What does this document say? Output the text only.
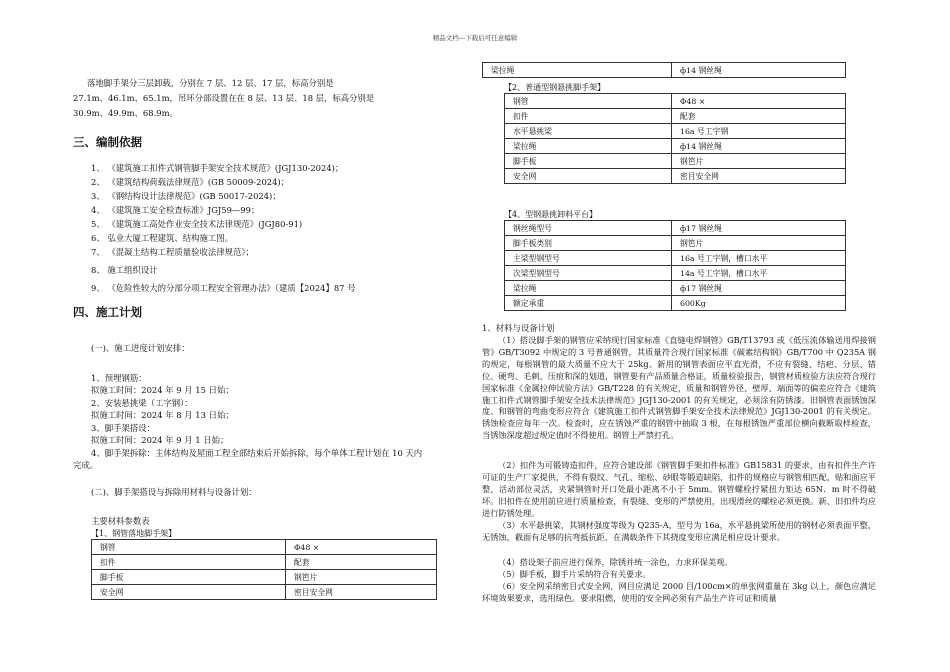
精品文档---下载后可任意编辑
落地脚手架分三层卸载，分别在 7 层、12 层、17 层，标高分别是
27.1m、46.1m、65.1m，吊环分部设置在在 8 层、13 层、18 层，标高分别是
30.9m、49.9m、68.9m。
三、编制依据
1、 《建筑施工扣件式钢管脚手架安全技术规范》(JGJ130-2024)；
2、 《建筑结构荷载法律规范》(GB 50009-2024)；
3、 《钢结构设计法律规范》(GB 50017-2024)；
4、 《建筑施工安全检查标准》JGJ59—99；
5、 《建筑施工高处作业安全技术法律规范》(JGJ80-91)
6、 弘业大厦工程建筑、结构施工图。
7、 《混凝土结构工程质量验收法律规范》；
8、 施工组织设计
9、 《危险性较大的分部分项工程安全管理办法》（建质【2024】87 号
四、施工计划
(一)、施工进度计划安排：
1、预埋钢筋：
拟施工时间：2024 年 9 月 15 日始；
2、安装悬挑梁（工字钢）：
拟施工时间：2024 年 8 月 13 日始；
3、脚手架搭设：
拟施工时间：2024 年 9 月 1 日始；
4、脚手架拆除：主体结构及屋面工程全部结束后开始拆除，每个单体工程计划在 10 天内
完成。
(二)、脚手架搭设与拆除用材料与设备计划：
主要材料参数表
【1、钢管落地脚手架】
钢管	Φ48 ×
扣件	配套
脚手板	钢笆片
安全网	密目安全网
梁拉绳	ф14 钢丝绳
【2、普通型钢悬挑脚手架】
钢管	Φ48 ×
扣件	配套
水平悬挑梁	16a 号工字钢
梁拉绳	ф14 钢丝绳
脚手板	钢笆片
安全网	密目安全网
【4、型钢悬挑卸料平台】
钢丝绳型号	ф17 钢丝绳
脚手板类别	钢笆片
主梁型钢型号	16a 号工字钢，槽口水平
次梁型钢型号	14a 号工字钢，槽口水平
梁拉绳	ф17 钢丝绳
额定承重	600Kg
1、材料与设备计划
（1）搭设脚手架的钢管应采纳现行国家标准《直缝电焊钢管》GB/T13793 或《低压流体输送用焊接钢管》GB/T3092 中规定的 3 号普通钢管，其质量符合现行国家标准《碳素结构钢》GB/T700 中 Q235A 钢的规定，每根钢管的最大质量不应大于 25kg。新用的钢管表面应平直光滑，不应有裂缝、结疤、分层、错位、硬弯、毛刺、压痕和深的划道，钢管要有产品质量合格证，质量检验报告，钢管材质检验方法应符合现行国家标准《金属拉伸试验方法》GB/T228 的有关规定，质量和钢管外径、壁厚、端面等的偏差应符合《建筑施工扣件式钢管脚手架安全技术法律规范》JGJ130-2001 的有关规定，必须涂有防锈漆。旧钢管表面锈蚀深度、和钢管的弯曲变形应符合《建筑施工扣件式钢管脚手架安全技术法律规范》JGJ130-2001 的有关规定。锈蚀检查应每年一次。检查时，应在锈蚀严重的钢管中抽取 3 根，在每根锈蚀严重部位横向截断取样检查，当锈蚀深度超过规定值时不得使用。钢管上严禁打孔。
（2）扣件为可锻铸造扣件，应符合建设部《钢管脚手架扣件标准》GB15831 的要求，由有扣件生产许可证的生产厂家提供，不得有裂纹、气孔、缩松、砂眼等锻造缺陷，扣件的规格应与钢管相匹配，贴和面应平整，活动部位灵活，夹紧钢管时开口处最小距离不小于 5mm。钢管螺栓拧紧扭力矩达 65N．m 时不得破坏。旧扣件在使用前应进行质量检查，有裂缝、变形的严禁使用，出现滑丝的螺栓必须更换。新、旧扣件均应进行防锈处理。
（3）水平悬挑梁，其钢材强度等级为 Q235-A，型号为 16a，水平悬挑梁所使用的钢材必须表面平整，无锈蚀，截面有足够的抗弯抵抗距，在满载条件下其挠度变形应满足相应设计要求。
（4）搭设架子前应进行保养，除锈并统一涂色，力求环保美观。
（5）脚手板，脚手片采纳符合有关要求。
（6）安全网采纳密目式安全网，网目应满足 2000 目/100cm×的单张网重量在 3kg 以上，颜色应满足环境效果要求，选用绿色。要求阻燃，使用的安全网必须有产品生产许可证和质量
